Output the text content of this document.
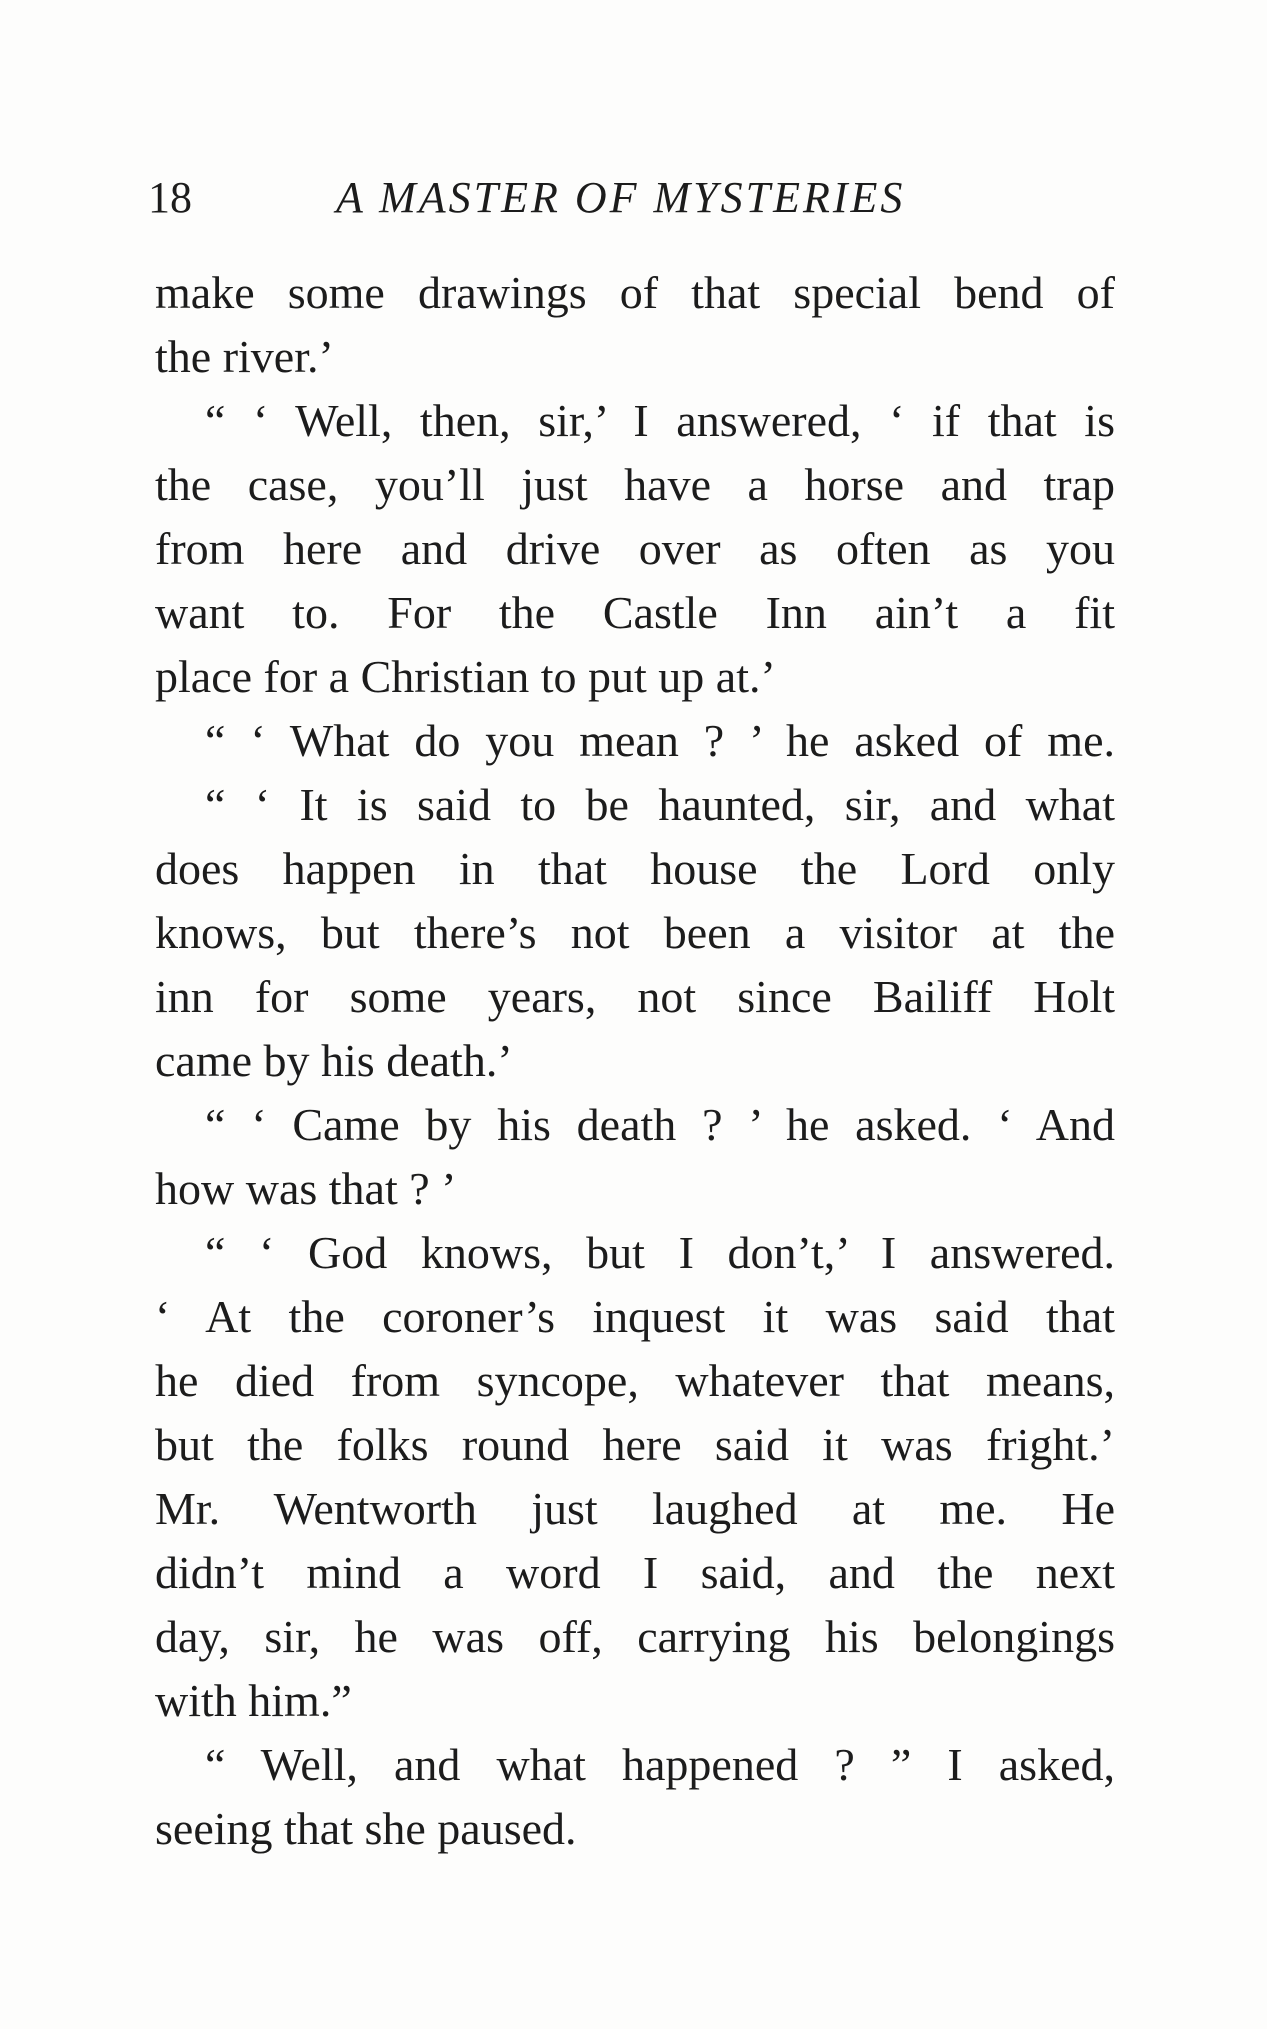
18	A MASTER OF MYSTERIES
make some drawings of that special bend of
the river.’
“ ‘ Well, then, sir,’ I answered, ‘ if that is
the case, you’ll just have a horse and trap
from here and drive over as often as you
want to. For the Castle Inn ain’t a fit
place for a Christian to put up at.’
“ ‘ What do you mean ? ’ he asked of me.
“ ‘ It is said to be haunted, sir, and what
does happen in that house the Lord only
knows, but there’s not been a visitor at the
inn for some years, not since Bailiff Holt
came by his death.’
“ ‘ Came by his death ? ’ he asked. ‘ And
how was that ? ’
“ ‘ God knows, but I don’t,’ I answered.
‘ At the coroner’s inquest it was said that
he died from syncope, whatever that means,
but the folks round here said it was fright.’
Mr. Wentworth just laughed at me. He
didn’t mind a word I said, and the next
day, sir, he was off, carrying his belongings
with him.”
“ Well, and what happened ? ” I asked,
seeing that she paused.
